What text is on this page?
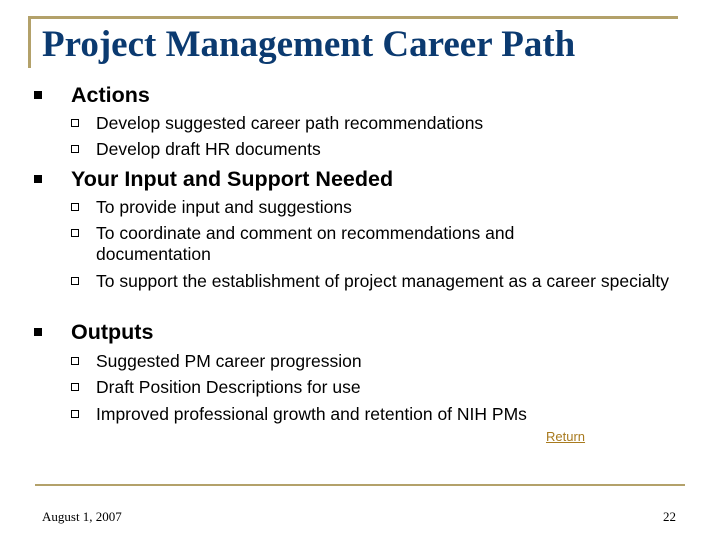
Project Management Career Path
Actions
Develop suggested career path recommendations
Develop draft HR documents
Your Input and Support Needed
To provide input and suggestions
To coordinate and comment on recommendations and documentation
To support the establishment of project management as a career specialty
Outputs
Suggested PM career progression
Draft Position Descriptions for use
Improved professional growth and retention of NIH PMs
Return
August 1, 2007	22
